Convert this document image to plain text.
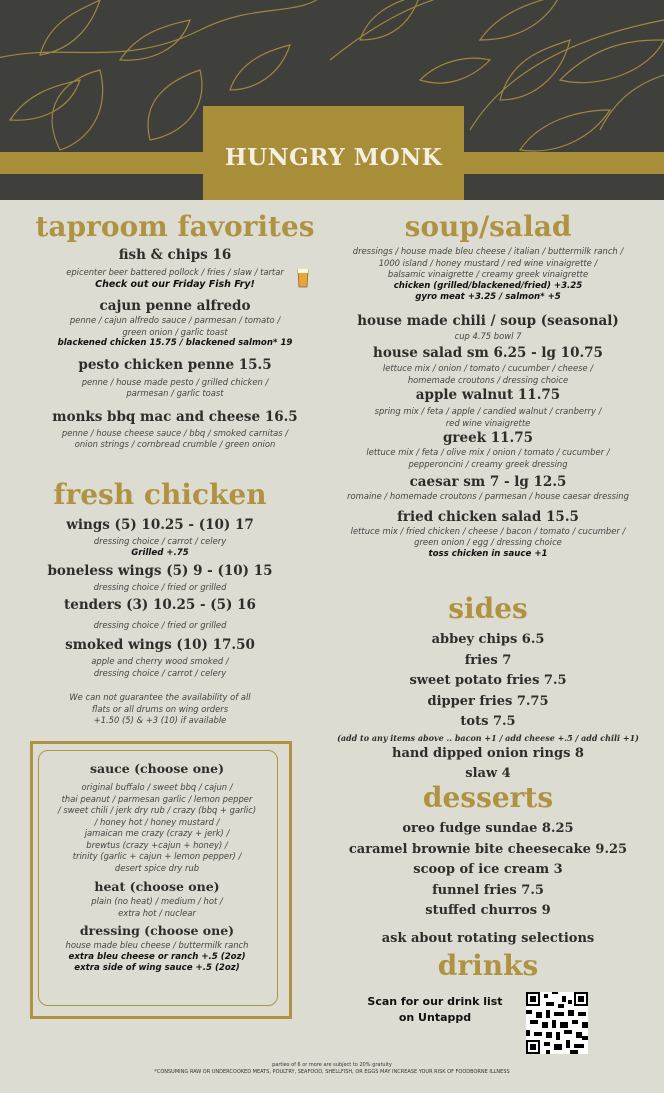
HUNGRY MONK
taproom favorites
fish & chips 16
epicenter beer battered pollock / fries / slaw / tartar
Check out our Friday Fish Fry!
cajun penne alfredo
penne / cajun alfredo sauce / parmesan / tomato /
green onion / garlic toast
blackened chicken 15.75 / blackened salmon* 19
pesto chicken penne 15.5
penne / house made pesto / grilled chicken /
parmesan / garlic toast
monks bbq mac and cheese 16.5
penne / house cheese sauce / bbq / smoked carnitas /
onion strings / cornbread crumble / green onion
fresh chicken
wings (5) 10.25 - (10) 17
dressing choice / carrot / celery
Grilled +.75
boneless wings (5) 9 - (10) 15
dressing choice / fried or grilled
tenders (3) 10.25 - (5) 16
dressing choice / fried or grilled
smoked wings (10) 17.50
apple and cherry wood smoked /
dressing choice / carrot / celery
We can not guarantee the availability of all
flats or all drums on wing orders
+1.50 (5) & +3 (10) if available
sauce (choose one)
original buffalo / sweet bbq / cajun /
thai peanut / parmesan garlic / lemon pepper
/ sweet chili / jerk dry rub / crazy (bbq + garlic)
/ honey hot / honey mustard /
jamaican me crazy (crazy + jerk) /
brewtus (crazy +cajun + honey) /
trinity (garlic + cajun + lemon pepper) /
desert spice dry rub
heat (choose one)
plain (no heat) / medium / hot /
extra hot / nuclear
dressing (choose one)
house made bleu cheese / buttermilk ranch
extra bleu cheese or ranch +.5 (2oz)
extra side of wing sauce +.5 (2oz)
soup/salad
dressings / house made bleu cheese / italian / buttermilk ranch /
1000 island / honey mustard / red wine vinaigrette /
balsamic vinaigrette / creamy greek vinaigrette
chicken (grilled/blackened/fried) +3.25
gyro meat +3.25 / salmon* +5
house made chili / soup (seasonal)
cup 4.75 bowl 7
house salad sm 6.25 - lg 10.75
lettuce mix / onion / tomato / cucumber / cheese /
homemade croutons / dressing choice
apple walnut 11.75
spring mix / feta / apple / candied walnut / cranberry /
red wine vinaigrette
greek 11.75
lettuce mix / feta / olive mix / onion / tomato / cucumber /
pepperoncini / creamy greek dressing
caesar sm 7 - lg 12.5
romaine / homemade croutons / parmesan / house caesar dressing
fried chicken salad 15.5
lettuce mix / fried chicken / cheese / bacon / tomato / cucumber /
green onion / egg / dressing choice
toss chicken in sauce +1
sides
abbey chips 6.5
fries 7
sweet potato fries 7.5
dipper fries 7.75
tots 7.5
(add to any items above .. bacon +1 / add cheese +.5 / add chili +1)
hand dipped onion rings 8
slaw 4
desserts
oreo fudge sundae 8.25
caramel brownie bite cheesecake 9.25
scoop of ice cream 3
funnel fries 7.5
stuffed churros 9
ask about rotating selections
drinks
Scan for our drink list
on Untappd
parties of 6 or more are subject to 20% gratuity
*CONSUMING RAW OR UNDERCOOKED MEATS, POULTRY, SEAFOOD, SHELLFISH, OR EGGS MAY INCREASE YOUR RISK OF FOODBORNE ILLNESS
